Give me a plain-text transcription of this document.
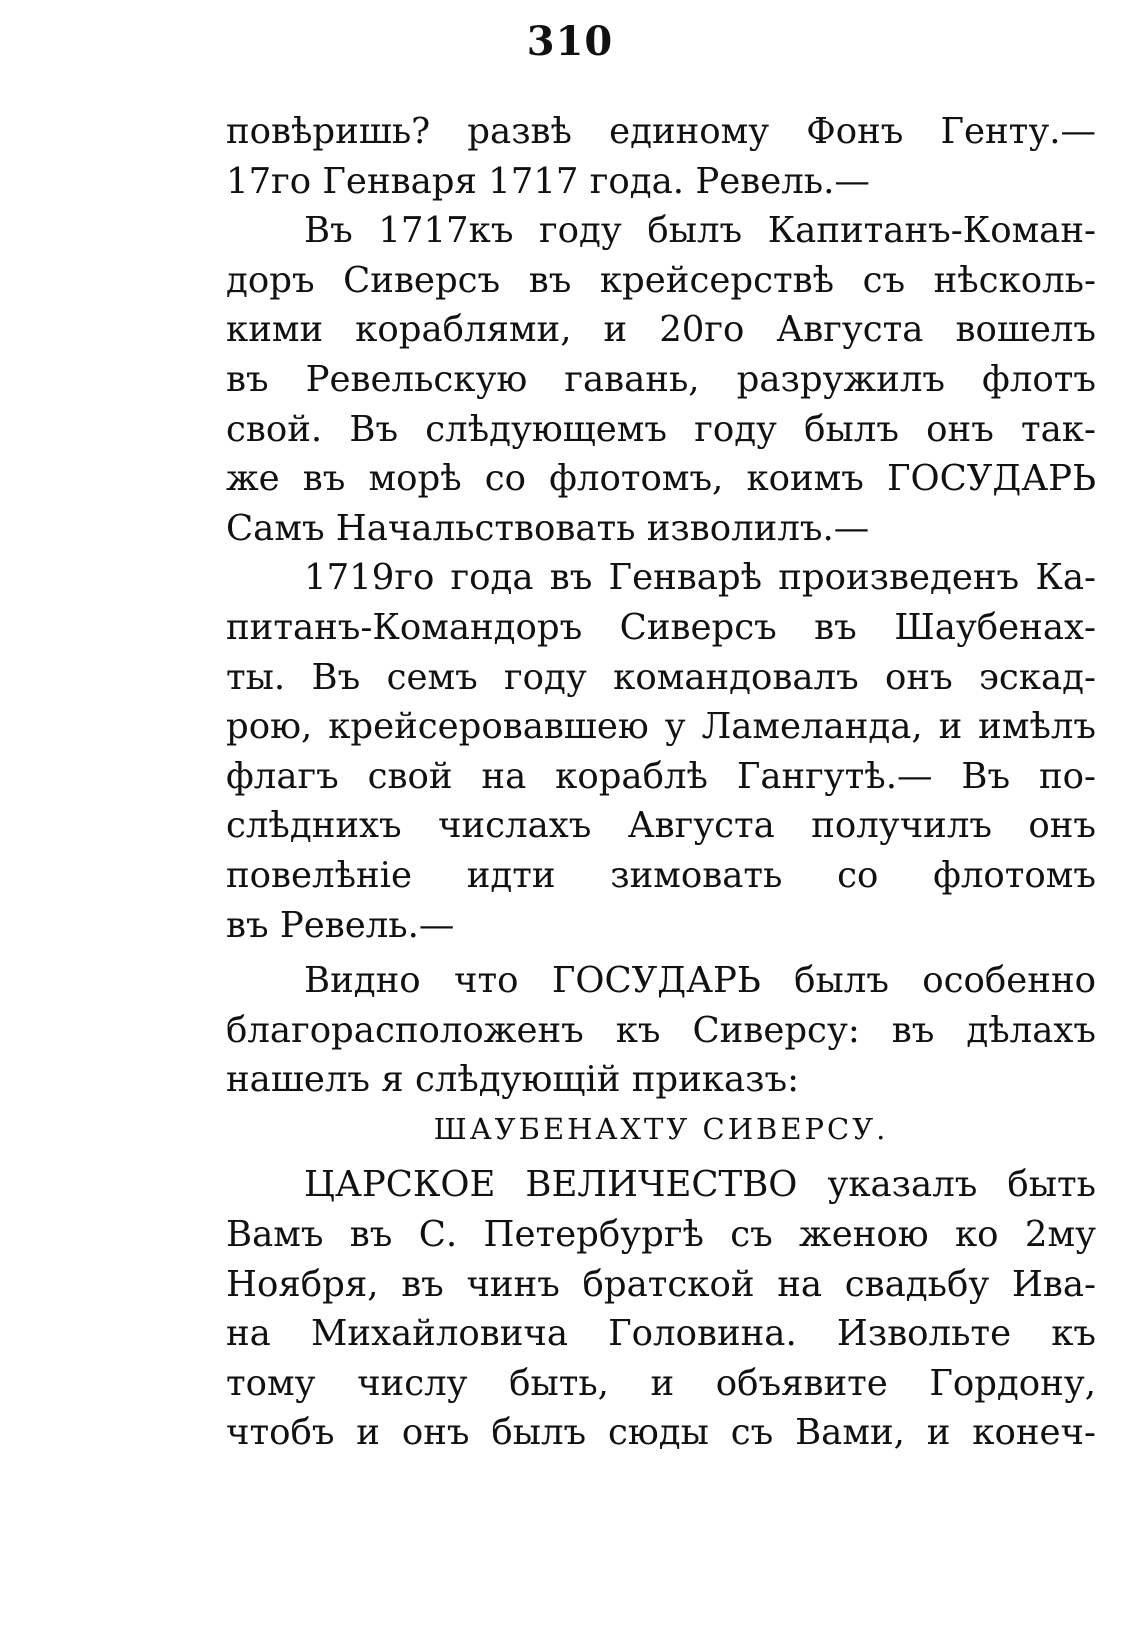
310
повѣришь? развѣ единому Фонъ Генту.—
17го Генваря 1717 года. Ревель.—
Въ 1717къ году былъ Капитанъ-Коман-
доръ Сиверсъ въ крейсерствѣ съ нѣсколь-
кими кораблями, и 20го Августа вошелъ
въ Ревельскую гавань, разружилъ флотъ
свой. Въ слѣдующемъ году былъ онъ так-
же въ морѣ со флотомъ, коимъ ГОСУДАРЬ
Самъ Начальствовать изволилъ.—
1719го года въ Генварѣ произведенъ Ка-
питанъ-Командоръ Сиверсъ въ Шаубенах-
ты. Въ семъ году командовалъ онъ эскад-
рою, крейсеровавшею у Ламеланда, и имѣлъ
флагъ свой на кораблѣ Гангутѣ.— Въ по-
слѣднихъ числахъ Августа получилъ онъ
повелѣніе идти зимовать со флотомъ
въ Ревель.—
Видно что ГОСУДАРЬ былъ особенно
благорасположенъ къ Сиверсу: въ дѣлахъ
нашелъ я слѣдующій приказъ:
ШАУБЕНАХТУ СИВЕРСУ.
ЦАРСКОЕ ВЕЛИЧЕСТВО указалъ быть
Вамъ въ С. Петербургѣ съ женою ко 2му
Ноября, въ чинъ братской на свадьбу Ива-
на Михайловича Головина. Извольте къ
тому числу быть, и объявите Гордону,
чтобъ и онъ былъ сюды съ Вами, и конеч-
